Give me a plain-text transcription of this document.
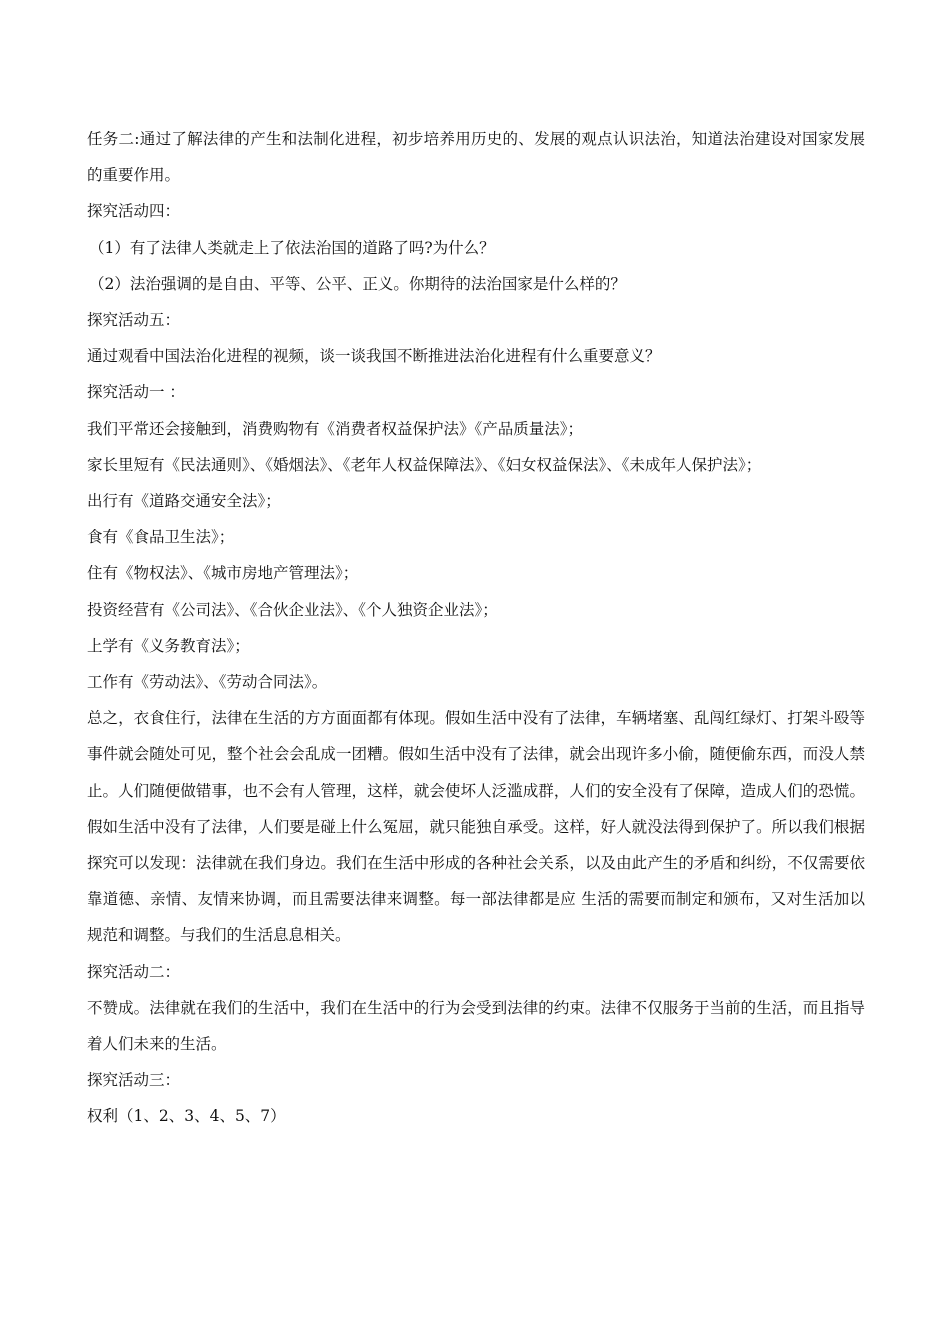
任务二:通过了解法律的产生和法制化进程，初步培养用历史的、发展的观点认识法治，知道法治建设对国家发展的重要作用。
探究活动四：
（1）有了法律人类就走上了依法治国的道路了吗?为什么？
（2）法治强调的是自由、平等、公平、正义。你期待的法治国家是什么样的？
探究活动五：
通过观看中国法治化进程的视频，谈一谈我国不断推进法治化进程有什么重要意义？
探究活动一 ：
我们平常还会接触到，消费购物有《消费者权益保护法》《产品质量法》；
家长里短有《民法通则》、《婚烟法》、《老年人权益保障法》、《妇女权益保法》、《未成年人保护法》；
出行有《道路交通安全法》；
食有《食品卫生法》；
住有《物权法》、《城市房地产管理法》；
投资经营有《公司法》、《合伙企业法》、《个人独资企业法》；
上学有《义务教育法》；
工作有《劳动法》、《劳动合同法》。
总之，衣食住行，法律在生活的方方面面都有体现。假如生活中没有了法律，车辆堵塞、乱闯红绿灯、打架斗殴等事件就会随处可见，整个社会会乱成一团糟。假如生活中没有了法律，就会出现许多小偷，随便偷东西，而没人禁止。人们随便做错事，也不会有人管理，这样，就会使坏人泛滥成群，人们的安全没有了保障，造成人们的恐慌。假如生活中没有了法律，人们要是碰上什么冤屈，就只能独自承受。这样，好人就没法得到保护了。所以我们根据探究可以发现：法律就在我们身边。我们在生活中形成的各种社会关系，以及由此产生的矛盾和纠纷，不仅需要依靠道德、亲情、友情来协调，而且需要法律来调整。每一部法律都是应 生活的需要而制定和颁布，又对生活加以规范和调整。与我们的生活息息相关。
探究活动二：
不赞成。法律就在我们的生活中，我们在生活中的行为会受到法律的约束。法律不仅服务于当前的生活，而且指导着人们未来的生活。
探究活动三：
权利（1、2、3、4、5、7）
